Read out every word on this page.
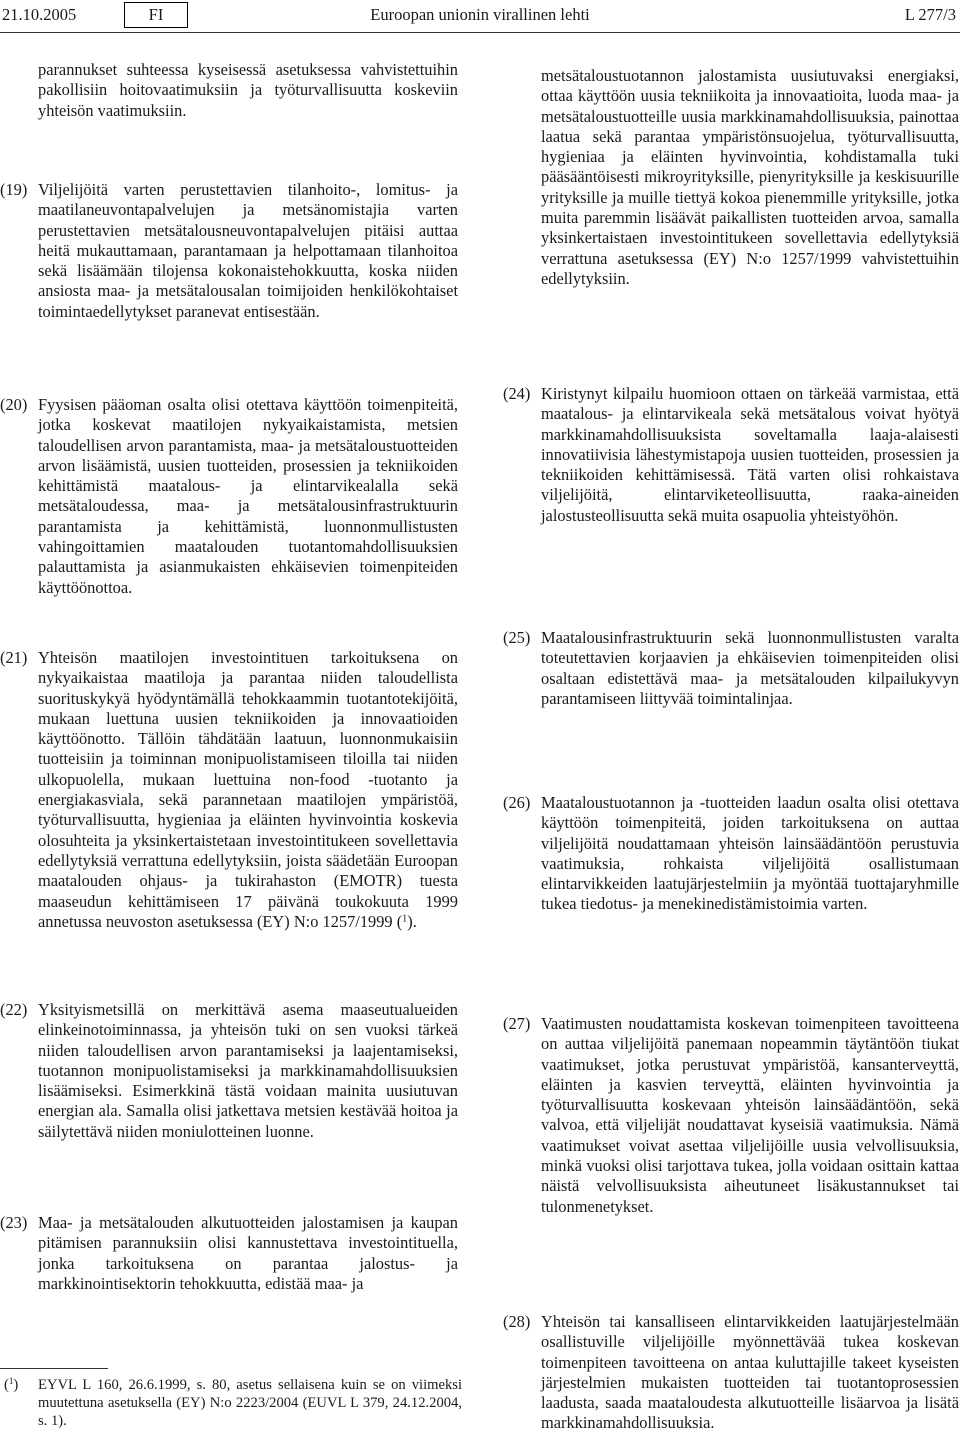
21.10.2005	FI	Euroopan unionin virallinen lehti	L 277/3
parannukset suhteessa kyseisessä asetuksessa vahvistettuihin pakollisiin hoitovaatimuksiin ja työturvallisuutta koskeviin yhteisön vaatimuksiin.
(19) Viljelijöitä varten perustettavien tilanhoito-, lomitus- ja maatilaneuvontapalvelujen ja metsänomistajia varten perustettavien metsätalousneuvontapalvelujen pitäisi auttaa heitä mukauttamaan, parantamaan ja helpottamaan tilanhoitoa sekä lisäämään tilojensa kokonaistehokkuutta, koska niiden ansiosta maa- ja metsätalousalan toimijoiden henkilökohtaiset toimintaedellytykset paranevat entisestään.
(20) Fyysisen pääoman osalta olisi otettava käyttöön toimenpiteitä, jotka koskevat maatilojen nykyaikaistamista, metsien taloudellisen arvon parantamista, maa- ja metsätaloustuotteiden arvon lisäämistä, uusien tuotteiden, prosessien ja tekniikoiden kehittämistä maatalous- ja elintarvikealalla sekä metsätaloudessa, maa- ja metsätalousinfrastruktuurin parantamista ja kehittämistä, luonnonmullistusten vahingoittamien maatalouden tuotantomahdollisuuksien palauttamista ja asianmukaisten ehkäisevien toimenpiteiden käyttöönottoa.
(21) Yhteisön maatilojen investointituen tarkoituksena on nykyaikaistaa maatiloja ja parantaa niiden taloudellista suorituskykyä hyödyntämällä tehokkaammin tuotantotekijöitä, mukaan luettuna uusien tekniikoiden ja innovaatioiden käyttöönotto. Tällöin tähdätään laatuun, luonnonmukaisiin tuotteisiin ja toiminnan monipuolistamiseen tiloilla tai niiden ulkopuolella, mukaan luettuina non-food -tuotanto ja energiakasviala, sekä parannetaan maatilojen ympäristöä, työturvallisuutta, hygieniaa ja eläinten hyvinvointia koskevia olosuhteita ja yksinkertaistetaan investointitukeen sovellettavia edellytyksiä verrattuna edellytyksiin, joista säädetään Euroopan maatalouden ohjaus- ja tukirahaston (EMOTR) tuesta maaseudun kehittämiseen 17 päivänä toukokuuta 1999 annetussa neuvoston asetuksessa (EY) N:o 1257/1999 ($^1$).
(22) Yksityismetsillä on merkittävä asema maaseutualueiden elinkeinotoiminnassa, ja yhteisön tuki on sen vuoksi tärkeä niiden taloudellisen arvon parantamiseksi ja laajentamiseksi, tuotannon monipuolistamiseksi ja markkinamahdollisuuksien lisäämiseksi. Esimerkkinä tästä voidaan mainita uusiutuvan energian ala. Samalla olisi jatkettava metsien kestävää hoitoa ja säilytettävä niiden moniulotteinen luonne.
(23) Maa- ja metsätalouden alkutuotteiden jalostamisen ja kaupan pitämisen parannuksiin olisi kannustettava investointituella, jonka tarkoituksena on parantaa jalostus- ja markkinointisektorin tehokkuutta, edistää maa- ja
($^1$) EYVL L 160, 26.6.1999, s. 80, asetus sellaisena kuin se on viimeksi muutettuna asetuksella (EY) N:o 2223/2004 (EUVL L 379, 24.12.2004, s. 1).
metsätaloustuotannon jalostamista uusiutuvaksi energiaksi, ottaa käyttöön uusia tekniikoita ja innovaatioita, luoda maa- ja metsätaloustuotteille uusia markkinamahdollisuuksia, painottaa laatua sekä parantaa ympäristönsuojelua, työturvallisuutta, hygieniaa ja eläinten hyvinvointia, kohdistamalla tuki pääsääntöisesti mikroyrityksille, pienyrityksille ja keskisuurille yrityksille ja muille tiettyä kokoa pienemmille yrityksille, jotka muita paremmin lisäävät paikallisten tuotteiden arvoa, samalla yksinkertaistaen investointitukeen sovellettavia edellytyksiä verrattuna asetuksessa (EY) N:o 1257/1999 vahvistettuihin edellytyksiin.
(24) Kiristynyt kilpailu huomioon ottaen on tärkeää varmistaa, että maatalous- ja elintarvikeala sekä metsätalous voivat hyötyä markkinamahdollisuuksista soveltamalla laaja-alaisesti innovatiivisia lähestymistapoja uusien tuotteiden, prosessien ja tekniikoiden kehittämisessä. Tätä varten olisi rohkaistava viljelijöitä, elintarviketeollisuutta, raaka-aineiden jalostusteollisuutta sekä muita osapuolia yhteistyöhön.
(25) Maatalousinfrastruktuurin sekä luonnonmullistusten varalta toteutettavien korjaavien ja ehkäisevien toimenpiteiden olisi osaltaan edistettävä maa- ja metsätalouden kilpailukyvyn parantamiseen liittyvää toimintalinjaa.
(26) Maataloustuotannon ja -tuotteiden laadun osalta olisi otettava käyttöön toimenpiteitä, joiden tarkoituksena on auttaa viljelijöitä noudattamaan yhteisön lainsäädäntöön perustuvia vaatimuksia, rohkaista viljelijöitä osallistumaan elintarvikkeiden laatujärjestelmiin ja myöntää tuottajaryhmille tukea tiedotus- ja menekinedistämistoimia varten.
(27) Vaatimusten noudattamista koskevan toimenpiteen tavoitteena on auttaa viljelijöitä panemaan nopeammin täytäntöön tiukat vaatimukset, jotka perustuvat ympäristöä, kansanterveyttä, eläinten ja kasvien terveyttä, eläinten hyvinvointia ja työturvallisuutta koskevaan yhteisön lainsäädäntöön, sekä valvoa, että viljelijät noudattavat kyseisiä vaatimuksia. Nämä vaatimukset voivat asettaa viljelijöille uusia velvollisuuksia, minkä vuoksi olisi tarjottava tukea, jolla voidaan osittain kattaa näistä velvollisuuksista aiheutuneet lisäkustannukset tai tulonmenetykset.
(28) Yhteisön tai kansalliseen elintarvikkeiden laatujärjestelmään osallistuville viljelijöille myönnettävää tukea koskevan toimenpiteen tavoitteena on antaa kuluttajille takeet kyseisten järjestelmien mukaisten tuotteiden tai tuotantoprosessien laadusta, saada maataloudesta alkutuotteille lisäarvoa ja lisätä markkinamahdollisuuksia.
